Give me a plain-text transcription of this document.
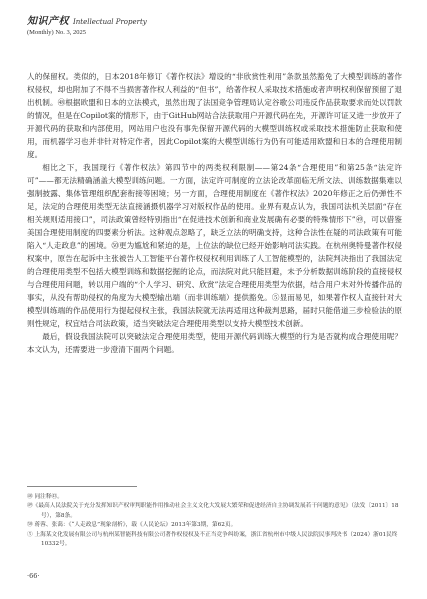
知识产权 Intellectual Property
(Monthly) No. 3, 2025

人的保留权。类似的，日本2018年修订《著作权法》增设的“非欣赏性利用”条款虽然豁免了大模型训练的著作权侵权，却也附加了不得不当损害著作权人利益的“但书”，给著作权人采取技术措施或者声明权利保留预留了退出机制。㊽根据欧盟和日本的立法模式，虽然出现了法国竞争管理局认定谷歌公司违反作品获取要求而处以罚款的情况，但是在Copilot案的情形下，由于GitHub网站合法获取用户开源代码在先，开源许可证又进一步放开了开源代码的获取和内部使用，网站用户也没有事先保留开源代码的大模型训练权或采取技术措施防止获取和使用，而机器学习也并非针对特定作者，因此Copilot案的大模型训练行为仍有可能适用欧盟和日本的合理使用制度。

相比之下，我国现行《著作权法》第四节中的两类权利限制——第24条“合理使用”和第25条“法定许可”——都无法精确涵盖大模型训练问题。一方面，法定许可制度的立法论改革面临无所文法、训练数据集难以强制披露、集体管理组织配套衔接等困境；另一方面，合理使用制度在《著作权法》2020年修正之后仍弹性不足，法定的合理使用类型无法直接涵摄机器学习对版权作品的使用。业界有观点认为，我国司法机关层面“存在相关规则适用接口”，司法政策曾经特别指出“在促进技术创新和商业发展确有必要的特殊情形下”㊾，可以借鉴美国合理使用制度的四要素分析法。这种观点忽略了，缺乏立法的明确支持，这种合法性在疑的司法政策有可能陷入“人走政息”的困境。㊿更为尴尬和紧迫的是，上位法的缺位已经开始影响司法实践。在杭州奥特曼著作权侵权案中，原告在起诉中主张被告人工智能平台著作权侵权利用训练了人工智能模型的，法院判决指出了我国法定的合理使用类型不包括大模型训练和数据挖掘的论点，而法院对此只能回避，未予分析数据训练阶段的直接侵权与合理使用问题，转以用户端的“个人学习、研究、欣赏”法定合理使用类型为依据，结合用户未对外传播作品的事实，从没有帮助侵权的角度为大模型输出端（而非训练端）提供豁免。⑤显而易见，如果著作权人直接针对大模型训练端的作品使用行为提起侵权主张，我国法院就无法再适用这种裁判思路，届时只能借道三步检验法的原则性规定，权宜结合司法政策，适当突破法定合理使用类型以支持大模型技术创新。

最后，假设我国法院可以突破法定合理使用类型，使用开源代码训练大模型的行为是否就构成合理使用呢？本文认为，还需要进一步澄清下面两个问题。

㊽ 同注释㊸。

㊾《最高人民法院关于充分发挥知识产权审判职能作用推动社会主义文化大发展大繁荣和促进经济自主协调发展若干问题的意见》（法发〔2011〕18号），第8条。

㊿ 蒋蓉、张蔼：《“人走政息”现象剖析》，载《人民论坛》2013年第3期，第62页。

⑤ 上海某文化发展有限公司与杭州某智能科技有限公司著作权侵权及不正当竞争纠纷案，浙江省杭州市中级人民法院民事判决书（2024）浙01民终10332号。

·66·
